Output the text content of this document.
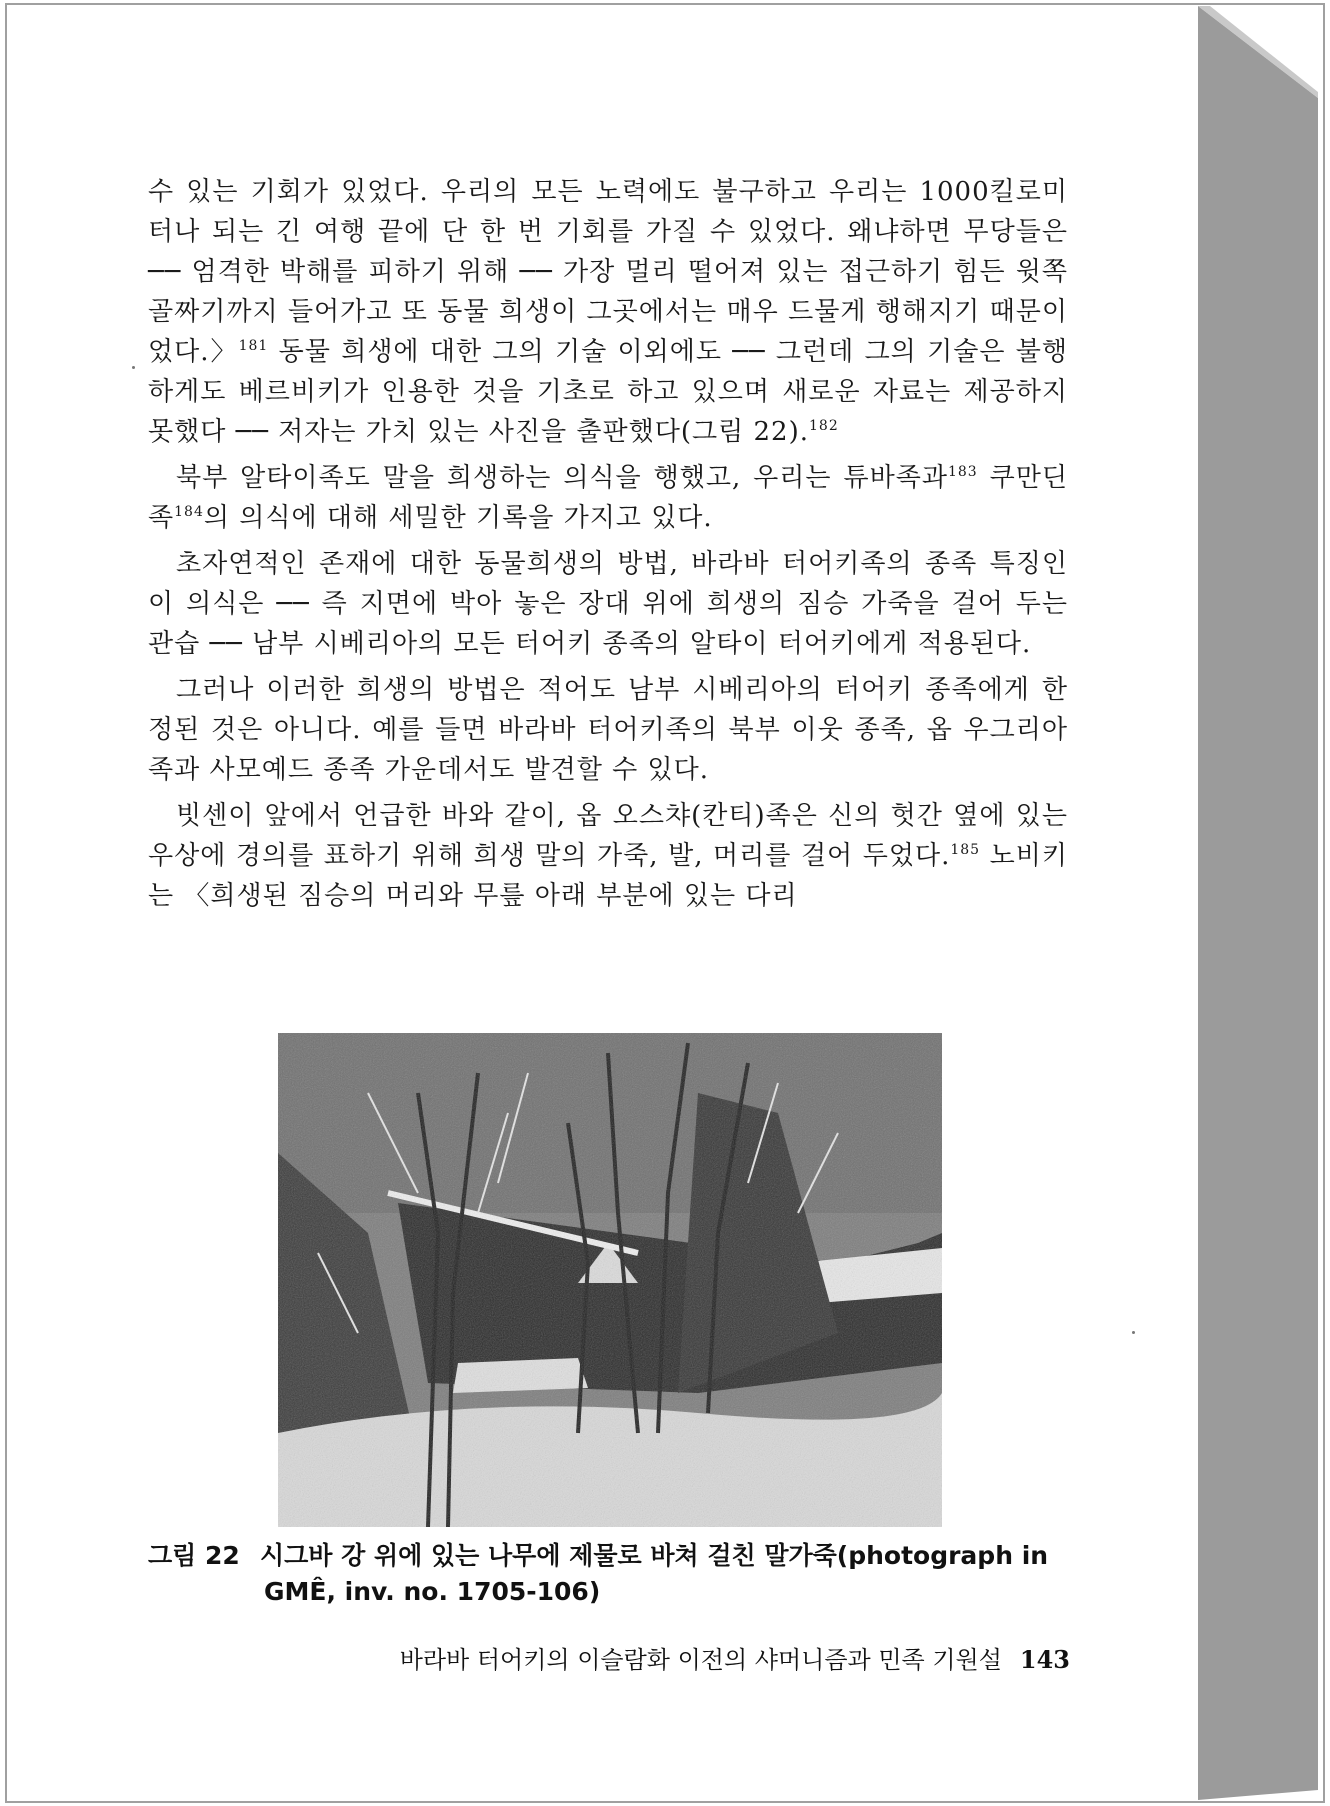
수 있는 기회가 있었다. 우리의 모든 노력에도 불구하고 우리는 1000킬로미터나 되는 긴 여행 끝에 단 한 번 기회를 가질 수 있었다. 왜냐하면 무당들은 ── 엄격한 박해를 피하기 위해 ── 가장 멀리 떨어져 있는 접근하기 힘든 윗쪽 골짜기까지 들어가고 또 동물 희생이 그곳에서는 매우 드물게 행해지기 때문이었다.〉$^{181}$ 동물 희생에 대한 그의 기술 이외에도 ── 그런데 그의 기술은 불행하게도 베르비키가 인용한 것을 기초로 하고 있으며 새로운 자료는 제공하지 못했다 ── 저자는 가치 있는 사진을 출판했다(그림 22).$^{182}$

북부 알타이족도 말을 희생하는 의식을 행했고, 우리는 튜바족과$^{183}$ 쿠만딘족$^{184}$의 의식에 대해 세밀한 기록을 가지고 있다.

초자연적인 존재에 대한 동물희생의 방법, 바라바 터어키족의 종족 특징인 이 의식은 ── 즉 지면에 박아 놓은 장대 위에 희생의 짐승 가죽을 걸어 두는 관습 ── 남부 시베리아의 모든 터어키 종족의 알타이 터어키에게 적용된다.

그러나 이러한 희생의 방법은 적어도 남부 시베리아의 터어키 종족에게 한정된 것은 아니다. 예를 들면 바라바 터어키족의 북부 이웃 종족, 옵 우그리아족과 사모예드 종족 가운데서도 발견할 수 있다.

빗센이 앞에서 언급한 바와 같이, 옵 오스챠(칸티)족은 신의 헛간 옆에 있는 우상에 경의를 표하기 위해 희생 말의 가죽, 발, 머리를 걸어 두었다.$^{185}$ 노비키는 〈희생된 짐승의 머리와 무릎 아래 부분에 있는 다리

그림 22 시그바 강 위에 있는 나무에 제물로 바쳐 걸친 말가죽(photograph in
GMÊ, inv. no. 1705-106)
바라바 터어키의 이슬람화 이전의 샤머니즘과 민족 기원설 143
